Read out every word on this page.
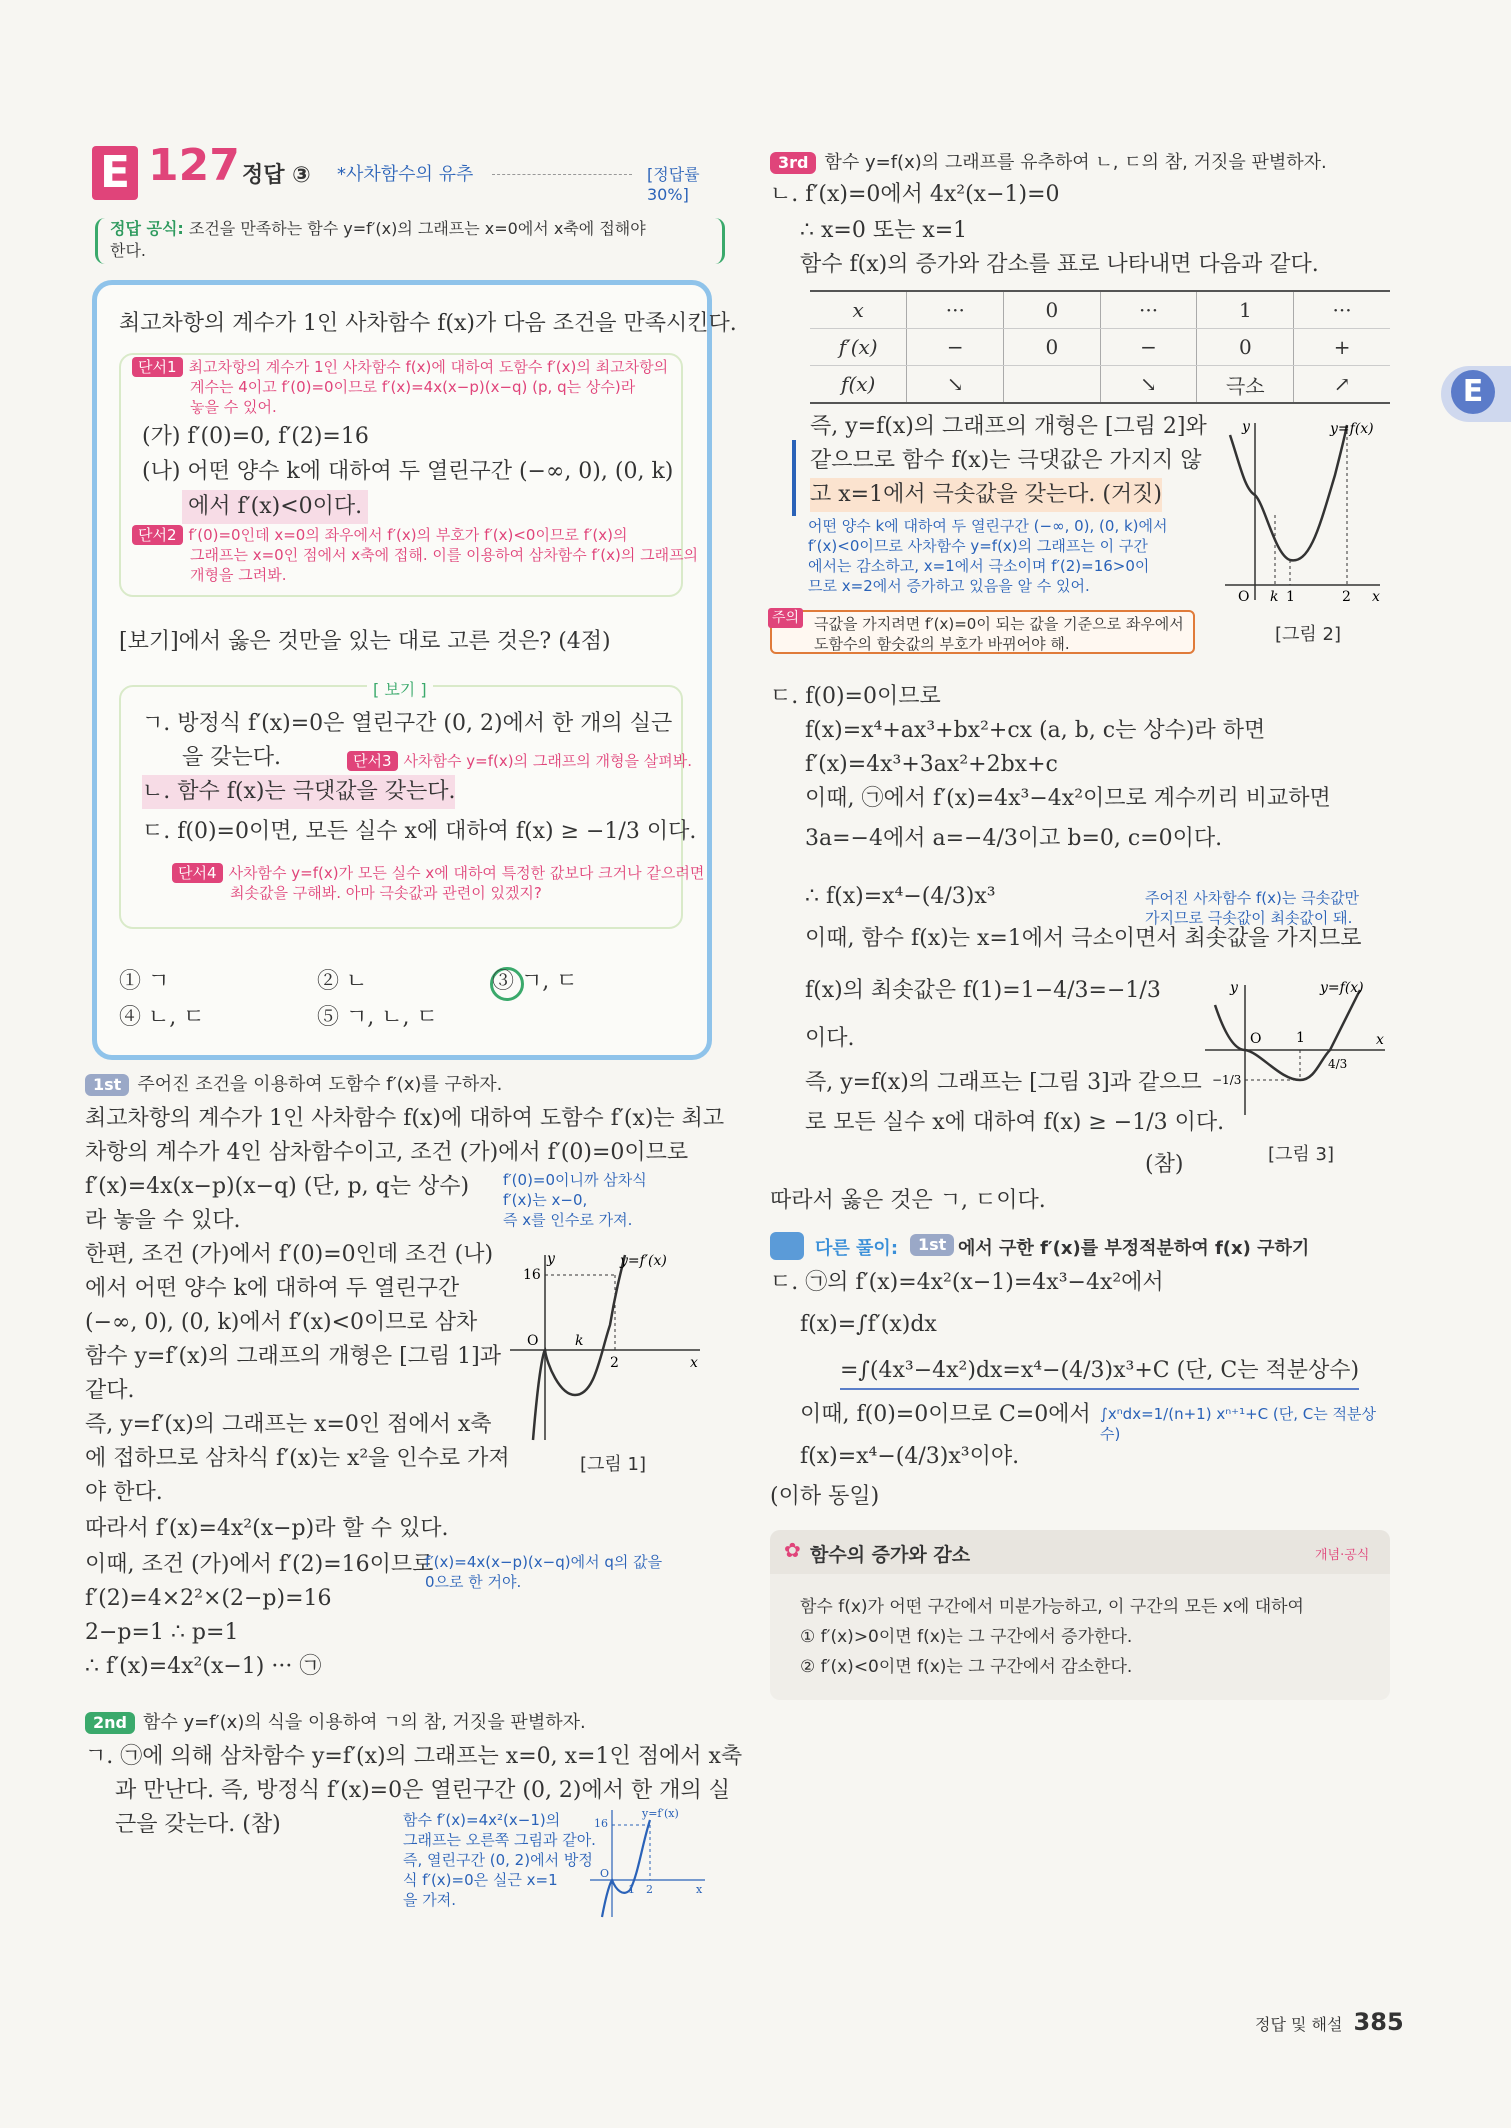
E 127 정답 ③ *사차함수의 유추	[정답률 30%]
정답 공식: 조건을 만족하는 함수 y=f′(x)의 그래프는 x=0에서 x축에 접해야
한다.

최고차항의 계수가 1인 사차함수 f(x)가 다음 조건을 만족시킨다.

단서1 최고차항의 계수가 1인 사차함수 f(x)에 대하여 도함수 f′(x)의 최고차항의
계수는 4이고 f′(0)=0이므로 f′(x)=4x(x−p)(x−q) (p, q는 상수)라
놓을 수 있어.

(가) f′(0)=0, f′(2)=16

(나) 어떤 양수 k에 대하여 두 열린구간 (−∞, 0), (0, k)

에서 f′(x)<0이다.

단서2 f′(0)=0인데 x=0의 좌우에서 f′(x)의 부호가 f′(x)<0이므로 f′(x)의
그래프는 x=0인 점에서 x축에 접해. 이를 이용하여 삼차함수 f′(x)의 그래프의
개형을 그려봐.

[보기]에서 옳은 것만을 있는 대로 고른 것은? (4점)

[ 보기 ]

ㄱ. 방정식 f′(x)=0은 열린구간 (0, 2)에서 한 개의 실근

을 갖는다.	단서3 사차함수 y=f(x)의 그래프의 개형을 살펴봐.

ㄴ. 함수 f(x)는 극댓값을 갖는다.

ㄷ. f(0)=0이면, 모든 실수 x에 대하여 f(x) ≥ −1/3 이다.

단서4 사차함수 y=f(x)가 모든 실수 x에 대하여 특정한 값보다 크거나 같으려면
최솟값을 구해봐. 아마 극솟값과 관련이 있겠지?

① ㄱ	② ㄴ	③ ㄱ, ㄷ

④ ㄴ, ㄷ	⑤ ㄱ, ㄴ, ㄷ

1st 주어진 조건을 이용하여 도함수 f′(x)를 구하자.

최고차항의 계수가 1인 사차함수 f(x)에 대하여 도함수 f′(x)는 최고

차항의 계수가 4인 삼차함수이고, 조건 (가)에서 f′(0)=0이므로

f′(x)=4x(x−p)(x−q) (단, p, q는 상수)

라 놓을 수 있다.

f′(0)=0이니까 삼차식
f′(x)는 x−0,
즉 x를 인수로 가져.

한편, 조건 (가)에서 f′(0)=0인데 조건 (나)

에서 어떤 양수 k에 대하여 두 열린구간

(−∞, 0), (0, k)에서 f′(x)<0이므로 삼차

함수 y=f′(x)의 그래프의 개형은 [그림 1]과

같다.

즉, y=f′(x)의 그래프는 x=0인 점에서 x축

에 접하므로 삼차식 f′(x)는 x²을 인수로 가져

야 한다.

따라서 f′(x)=4x²(x−p)라 할 수 있다.

이때, 조건 (가)에서 f′(2)=16이므로

f′(x)=4x(x−p)(x−q)에서 q의 값을
0으로 한 거야.

f′(2)=4×2²×(2−p)=16

2−p=1 ∴ p=1

∴ f′(x)=4x²(x−1) ··· ㉠

16
O	k
2	x
y	y=f′(x)
[그림 1]
2nd 함수 y=f′(x)의 식을 이용하여 ㄱ의 참, 거짓을 판별하자.

ㄱ. ㉠에 의해 삼차함수 y=f′(x)의 그래프는 x=0, x=1인 점에서 x축

과 만난다. 즉, 방정식 f′(x)=0은 열린구간 (0, 2)에서 한 개의 실

근을 갖는다. (참)	함수 f′(x)=4x²(x−1)의
그래프는 오른쪽 그림과 같아.
즉, 열린구간 (0, 2)에서 방정
식 f′(x)=0은 실근 x=1
을 가져.
16
O
1 2	x
y=f′(x)
3rd 함수 y=f(x)의 그래프를 유추하여 ㄴ, ㄷ의 참, 거짓을 판별하자.

ㄴ. f′(x)=0에서 4x²(x−1)=0

∴ x=0 또는 x=1

함수 f(x)의 증가와 감소를 표로 나타내면 다음과 같다.

x	···	0	···	1	···
f′(x)	−	0	−	0	+
f(x)	↘		↘	극소	↗

즉, y=f(x)의 그래프의 개형은 [그림 2]와

같으므로 함수 f(x)는 극댓값은 가지지 않

고 x=1에서 극솟값을 갖는다. (거짓)

어떤 양수 k에 대하여 두 열린구간 (−∞, 0), (0, k)에서
f′(x)<0이므로 사차함수 y=f(x)의 그래프는 이 구간
에서는 감소하고, x=1에서 극소이며 f′(2)=16>0이
므로 x=2에서 증가하고 있음을 알 수 있어.
주의 극값을 가지려면 f′(x)=0이 되는 값을 기준으로 좌우에서
도함수의 함숫값의 부호가 바뀌어야 해.
O k 1	2 x
y	y=f(x)
[그림 2]

ㄷ. f(0)=0이므로

f(x)=x⁴+ax³+bx²+cx (a, b, c는 상수)라 하면

f′(x)=4x³+3ax²+2bx+c

이때, ㉠에서 f′(x)=4x³−4x²이므로 계수끼리 비교하면

3a=−4에서 a=−4/3이고 b=0, c=0이다.

∴ f(x)=x⁴−(4/3)x³	주어진 사차함수 f(x)는 극솟값만
가지므로 극솟값이 최솟값이 돼.

이때, 함수 f(x)는 x=1에서 극소이면서 최솟값을 가지므로

f(x)의 최솟값은 f(1)=1−4/3=−1/3

이다.

즉, y=f(x)의 그래프는 [그림 3]과 같으므

로 모든 실수 x에 대하여 f(x) ≥ −1/3 이다.

(참)

O 1
4/3
−1/3
x
y	y=f(x)
[그림 3]

따라서 옳은 것은 ㄱ, ㄷ이다.

다른 풀이:	1st 에서 구한 f′(x)를 부정적분하여 f(x) 구하기

ㄷ. ㉠의 f′(x)=4x²(x−1)=4x³−4x²에서

f(x)=∫f′(x)dx

=∫(4x³−4x²)dx=x⁴−(4/3)x³+C (단, C는 적분상수)

이때, f(0)=0이므로 C=0에서 ∫xⁿdx=1/(n+1) xⁿ⁺¹+C (단, C는 적분상수)

f(x)=x⁴−(4/3)x³이야.

(이하 동일)

✿ 함수의 증가와 감소	개념·공식
함수 f(x)가 어떤 구간에서 미분가능하고, 이 구간의 모든 x에 대하여
① f′(x)>0이면 f(x)는 그 구간에서 증가한다.
② f′(x)<0이면 f(x)는 그 구간에서 감소한다.
E
정답 및 해설 385
